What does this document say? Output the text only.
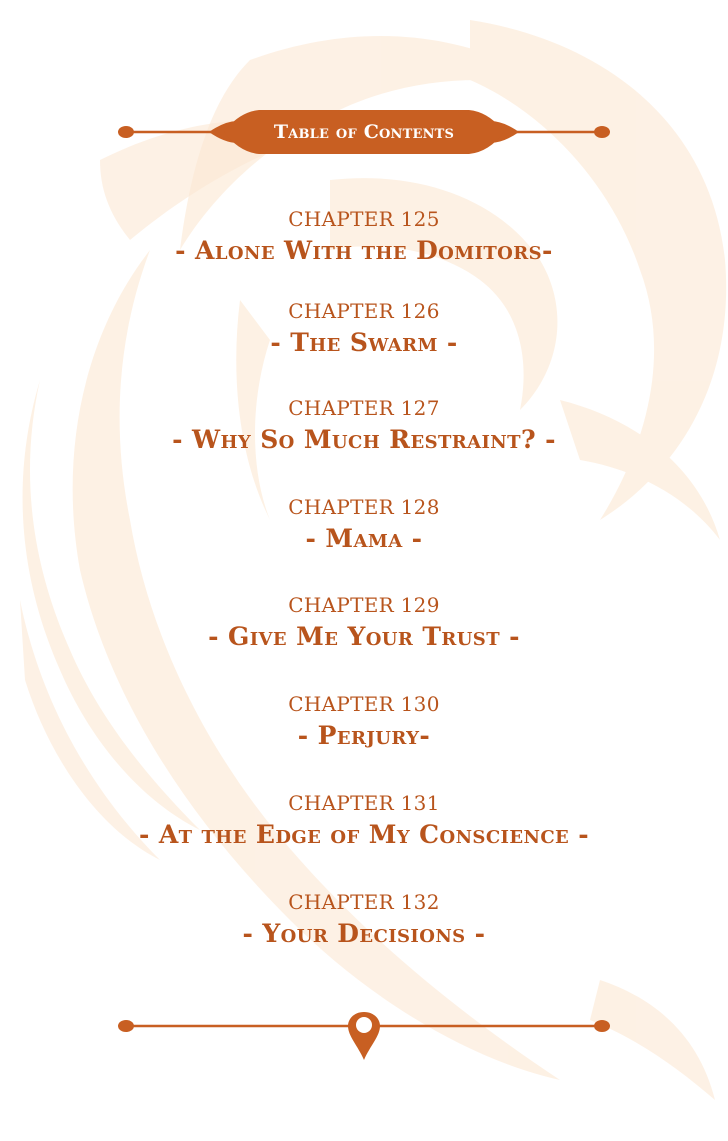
Table of Contents
CHAPTER 125
- Alone With the Domitors-
CHAPTER 126
- The Swarm -
CHAPTER 127
- Why So Much Restraint? -
CHAPTER 128
- Mama -
CHAPTER 129
- Give Me Your Trust -
CHAPTER 130
- Perjury-
CHAPTER 131
- At the Edge of My Conscience -
CHAPTER 132
- Your Decisions -
